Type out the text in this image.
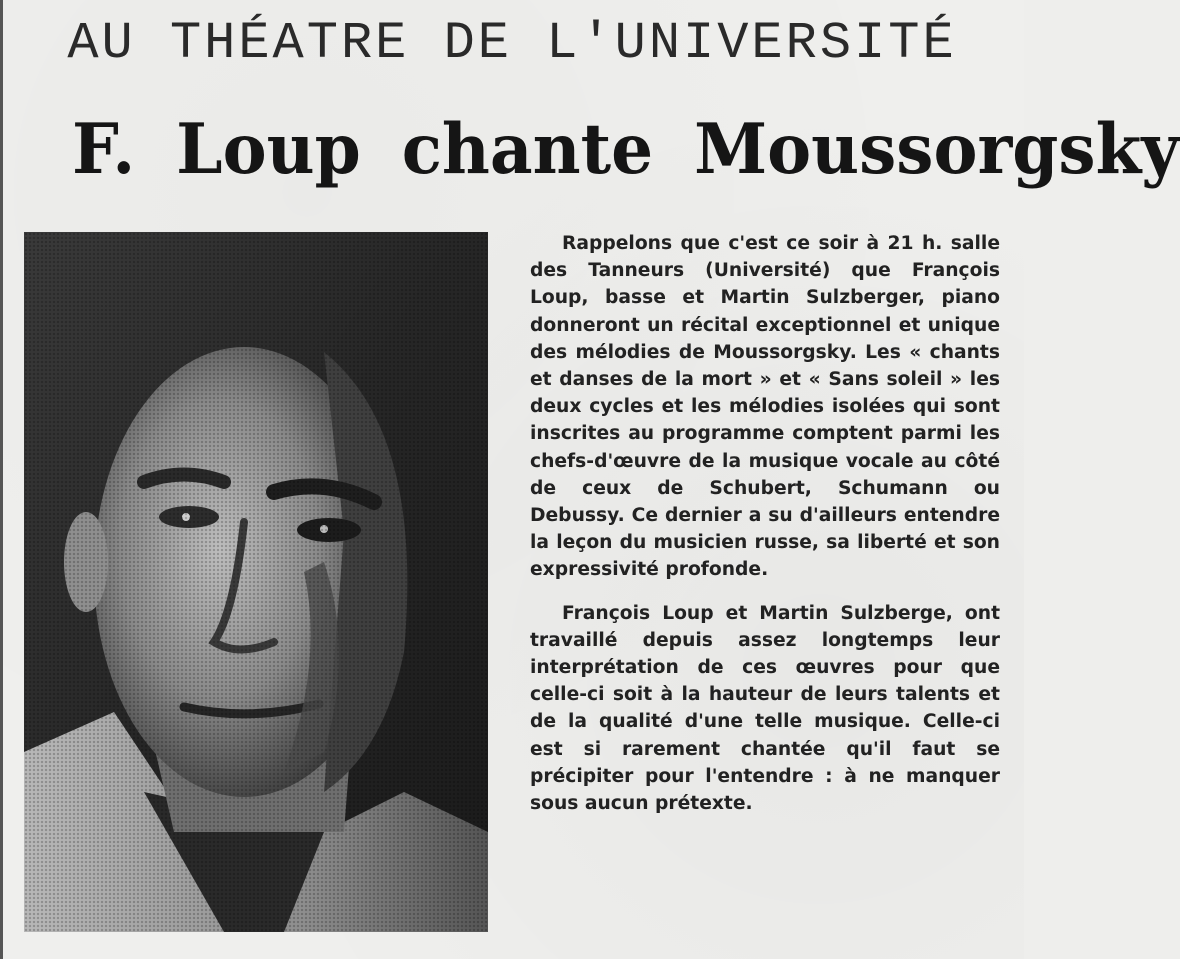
AU THÉATRE DE L'UNIVERSITÉ
F. Loup chante Moussorgsky

Rappelons que c'est ce soir à 21 h. salle des Tanneurs (Université) que François Loup, basse et Martin Sulzberger, piano donneront un récital exceptionnel et unique des mélodies de Moussorgsky. Les « chants et danses de la mort » et « Sans soleil » les deux cycles et les mélodies isolées qui sont inscrites au programme comptent parmi les chefs-d'œuvre de la musique vocale au côté de ceux de Schubert, Schumann ou Debussy. Ce dernier a su d'ailleurs entendre la leçon du musicien russe, sa liberté et son expressivité profonde.

François Loup et Martin Sulzberge, ont travaillé depuis assez longtemps leur interprétation de ces œuvres pour que celle-ci soit à la hauteur de leurs talents et de la qualité d'une telle musique. Celle-ci est si rarement chantée qu'il faut se précipiter pour l'entendre : à ne manquer sous aucun prétexte.
